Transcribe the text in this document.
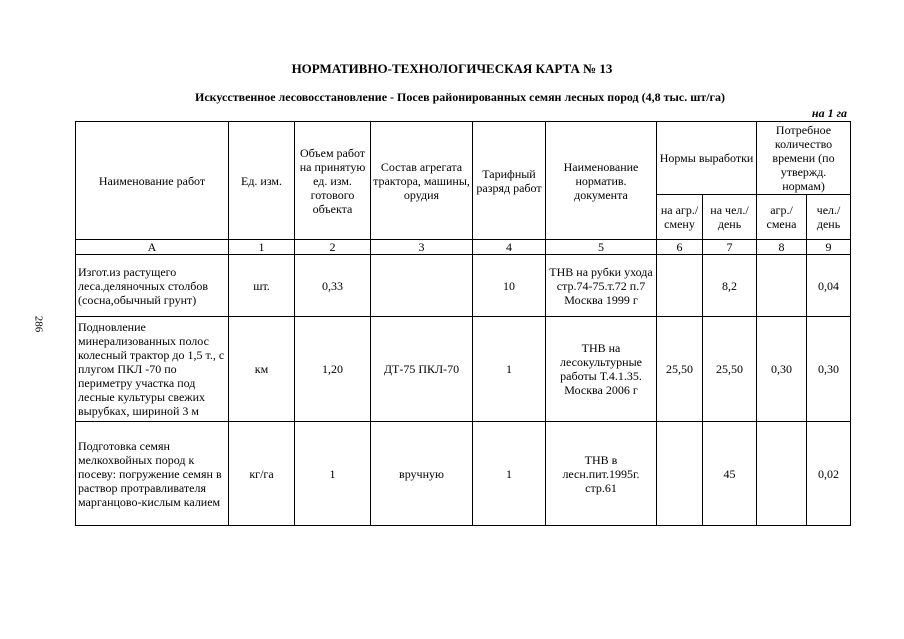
НОРМАТИВНО-ТЕХНОЛОГИЧЕСКАЯ КАРТА № 13
Искусственное лесовосстановление - Посев районированных семян лесных пород (4,8 тыс. шт/га)
на 1 га
286
Наименование работ	Ед. изм.	Объем работ на принятую ед. изм. готового объекта	Состав агрегата трактора, машины, орудия	Тарифный разряд работ	Наименование норматив. документа	Нормы выработки		Потребное количество времени (по утвержд. нормам)	
						на агр./ смену	на чел./ день	агр./ смена	чел./ день
А	1	2	3	4	5	6	7	8	9
Изгот.из растущего леса.деляночных столбов (сосна,обычный грунт)	шт.	0,33		10	ТНВ на рубки ухода стр.74-75.т.72 п.7 Москва 1999 г		8,2		0,04
Подновление минерализованных полос колесный трактор до 1,5 т., с плугом ПКЛ -70 по периметру участка под лесные культуры свежих вырубках, шириной 3 м	км	1,20	ДТ-75 ПКЛ-70	1	ТНВ на лесокультурные работы Т.4.1.35. Москва 2006 г	25,50	25,50	0,30	0,30
Подготовка семян мелкохвойных пород к посеву: погружение семян в раствор протравливателя марганцово-кислым калием	кг/га	1	вручную	1	ТНВ в лесн.пит.1995г. стр.61		45		0,02
